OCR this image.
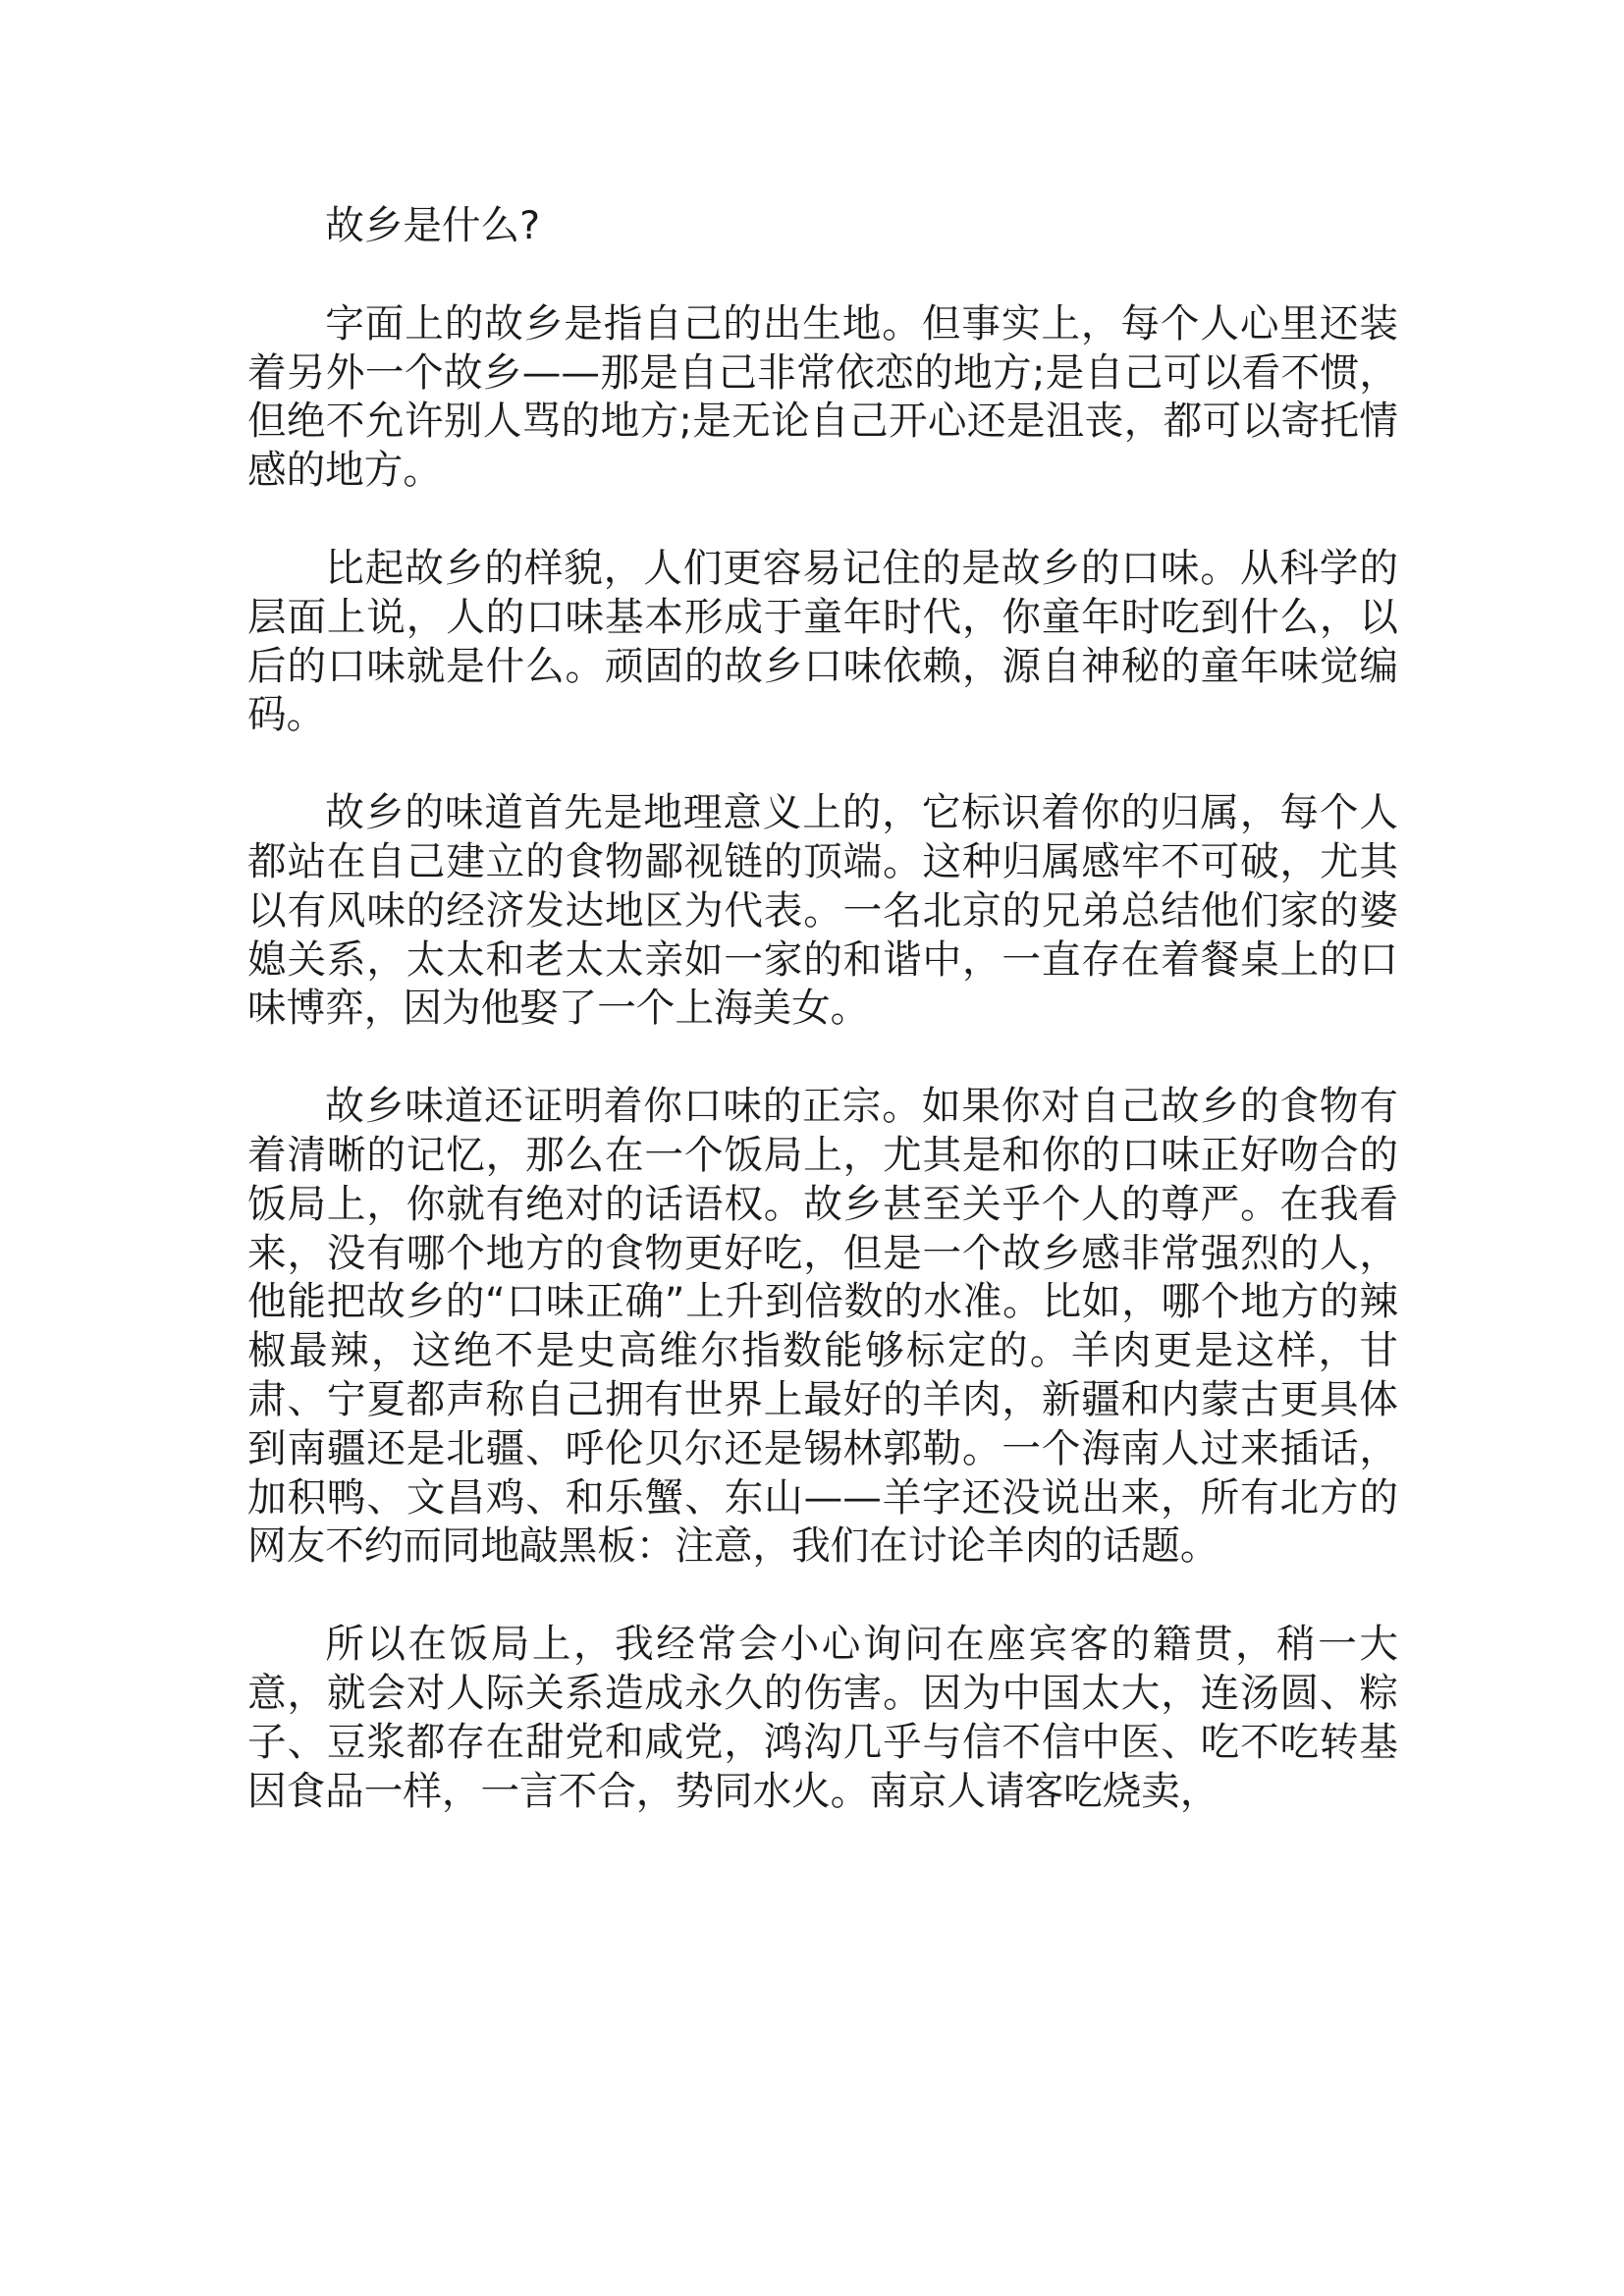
故乡是什么?

字面上的故乡是指自己的出生地。但事实上，每个人心里还装着另外一个故乡——那是自己非常依恋的地方;是自己可以看不惯，但绝不允许别人骂的地方;是无论自己开心还是沮丧，都可以寄托情感的地方。

比起故乡的样貌，人们更容易记住的是故乡的口味。从科学的层面上说，人的口味基本形成于童年时代，你童年时吃到什么，以后的口味就是什么。顽固的故乡口味依赖，源自神秘的童年味觉编码。

故乡的味道首先是地理意义上的，它标识着你的归属，每个人都站在自己建立的食物鄙视链的顶端。这种归属感牢不可破，尤其以有风味的经济发达地区为代表。一名北京的兄弟总结他们家的婆媳关系，太太和老太太亲如一家的和谐中，一直存在着餐桌上的口味博弈，因为他娶了一个上海美女。

故乡味道还证明着你口味的正宗。如果你对自己故乡的食物有着清晰的记忆，那么在一个饭局上，尤其是和你的口味正好吻合的饭局上，你就有绝对的话语权。故乡甚至关乎个人的尊严。在我看来，没有哪个地方的食物更好吃，但是一个故乡感非常强烈的人，他能把故乡的“口味正确”上升到倍数的水准。比如，哪个地方的辣椒最辣，这绝不是史高维尔指数能够标定的。羊肉更是这样，甘肃、宁夏都声称自己拥有世界上最好的羊肉，新疆和内蒙古更具体到南疆还是北疆、呼伦贝尔还是锡林郭勒。一个海南人过来插话，加积鸭、文昌鸡、和乐蟹、东山——羊字还没说出来，所有北方的网友不约而同地敲黑板：注意，我们在讨论羊肉的话题。

所以在饭局上，我经常会小心询问在座宾客的籍贯，稍一大意，就会对人际关系造成永久的伤害。因为中国太大，连汤圆、粽子、豆浆都存在甜党和咸党，鸿沟几乎与信不信中医、吃不吃转基因食品一样，一言不合，势同水火。南京人请客吃烧卖，
